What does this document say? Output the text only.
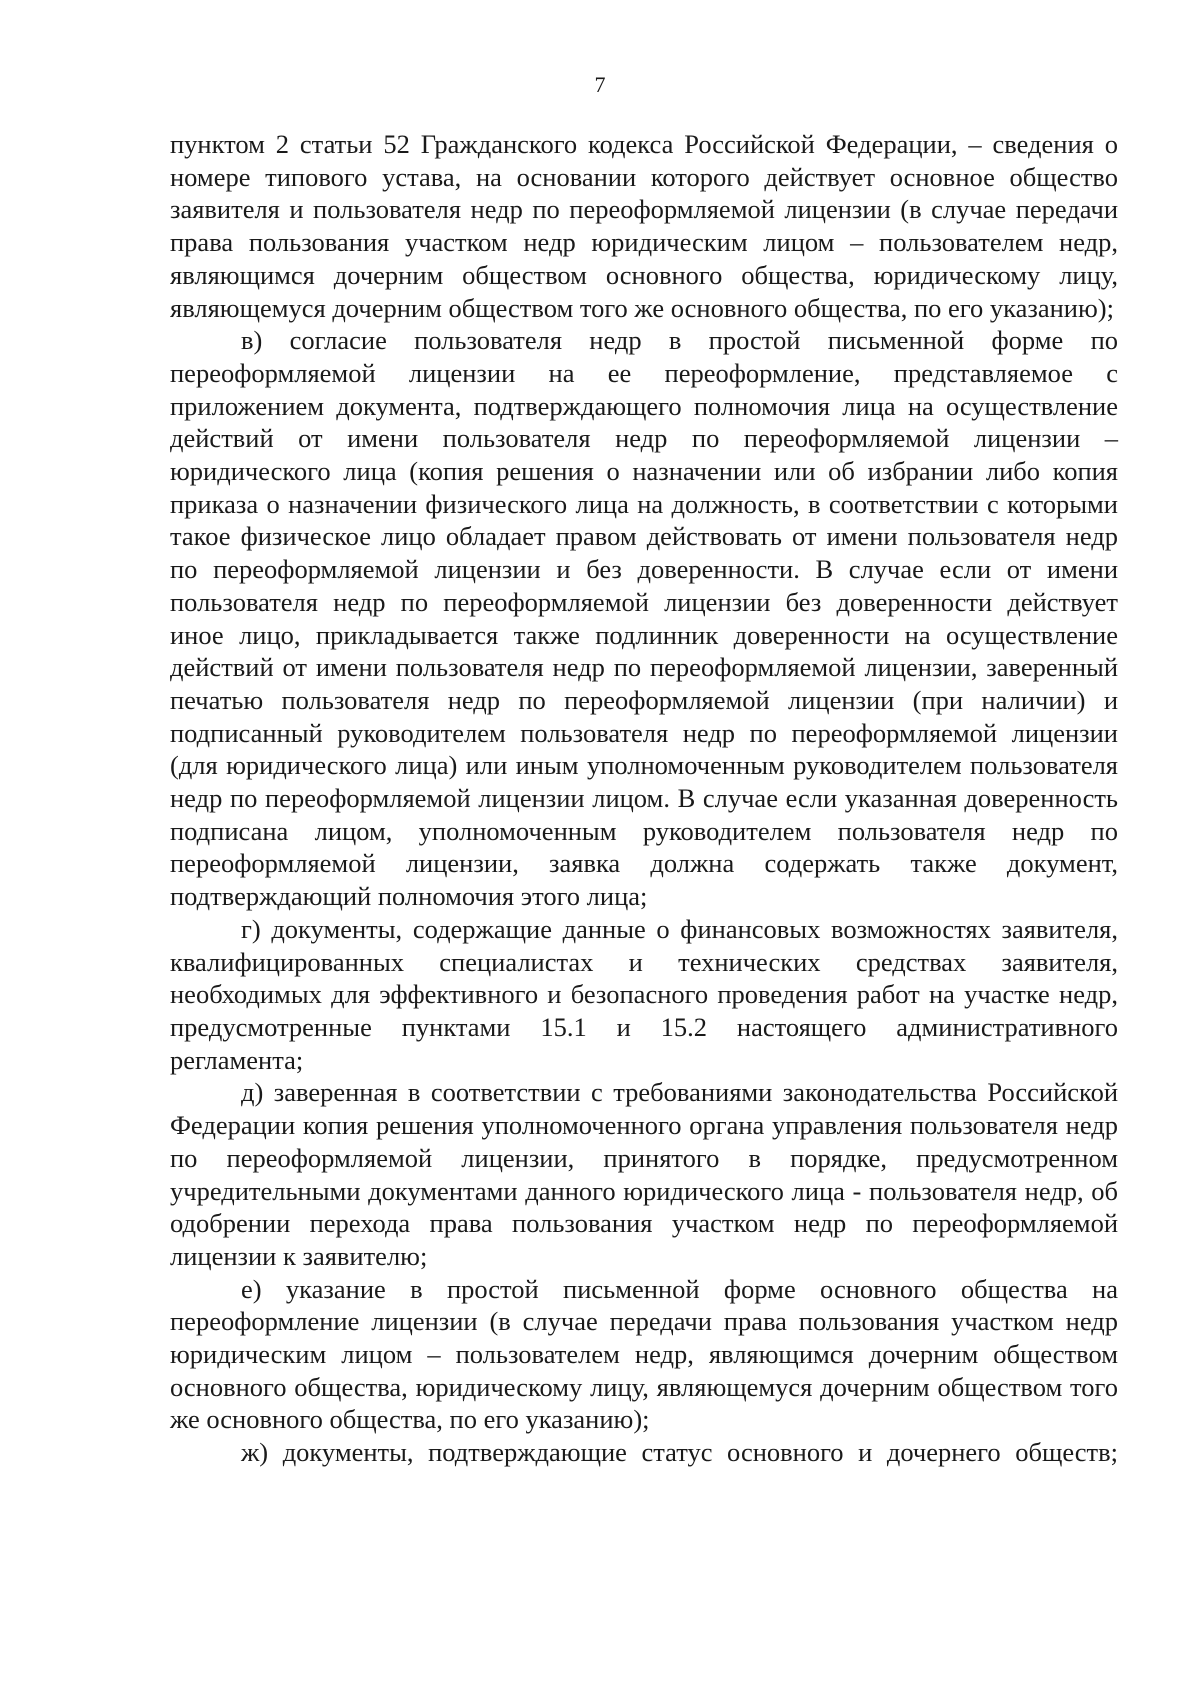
7

пунктом 2 статьи 52 Гражданского кодекса Российской Федерации, – сведения о номере типового устава, на основании которого действует основное общество заявителя и пользователя недр по переоформляемой лицензии (в случае передачи права пользования участком недр юридическим лицом – пользователем недр, являющимся дочерним обществом основного общества, юридическому лицу, являющемуся дочерним обществом того же основного общества, по его указанию);

в) согласие пользователя недр в простой письменной форме по переоформляемой лицензии на ее переоформление, представляемое с приложением документа, подтверждающего полномочия лица на осуществление действий от имени пользователя недр по переоформляемой лицензии – юридического лица (копия решения о назначении или об избрании либо копия приказа о назначении физического лица на должность, в соответствии с которыми такое физическое лицо обладает правом действовать от имени пользователя недр по переоформляемой лицензии и без доверенности. В случае если от имени пользователя недр по переоформляемой лицензии без доверенности действует иное лицо, прикладывается также подлинник доверенности на осуществление действий от имени пользователя недр по переоформляемой лицензии, заверенный печатью пользователя недр по переоформляемой лицензии (при наличии) и подписанный руководителем пользователя недр по переоформляемой лицензии (для юридического лица) или иным уполномоченным руководителем пользователя недр по переоформляемой лицензии лицом. В случае если указанная доверенность подписана лицом, уполномоченным руководителем пользователя недр по переоформляемой лицензии, заявка должна содержать также документ, подтверждающий полномочия этого лица;

г) документы, содержащие данные о финансовых возможностях заявителя, квалифицированных специалистах и технических средствах заявителя, необходимых для эффективного и безопасного проведения работ на участке недр, предусмотренные пунктами 15.1 и 15.2 настоящего административного регламента;

д) заверенная в соответствии с требованиями законодательства Российской Федерации копия решения уполномоченного органа управления пользователя недр по переоформляемой лицензии, принятого в порядке, предусмотренном учредительными документами данного юридического лица - пользователя недр, об одобрении перехода права пользования участком недр по переоформляемой лицензии к заявителю;

е) указание в простой письменной форме основного общества на переоформление лицензии (в случае передачи права пользования участком недр юридическим лицом – пользователем недр, являющимся дочерним обществом основного общества, юридическому лицу, являющемуся дочерним обществом того же основного общества, по его указанию);

ж) документы, подтверждающие статус основного и дочернего обществ;
